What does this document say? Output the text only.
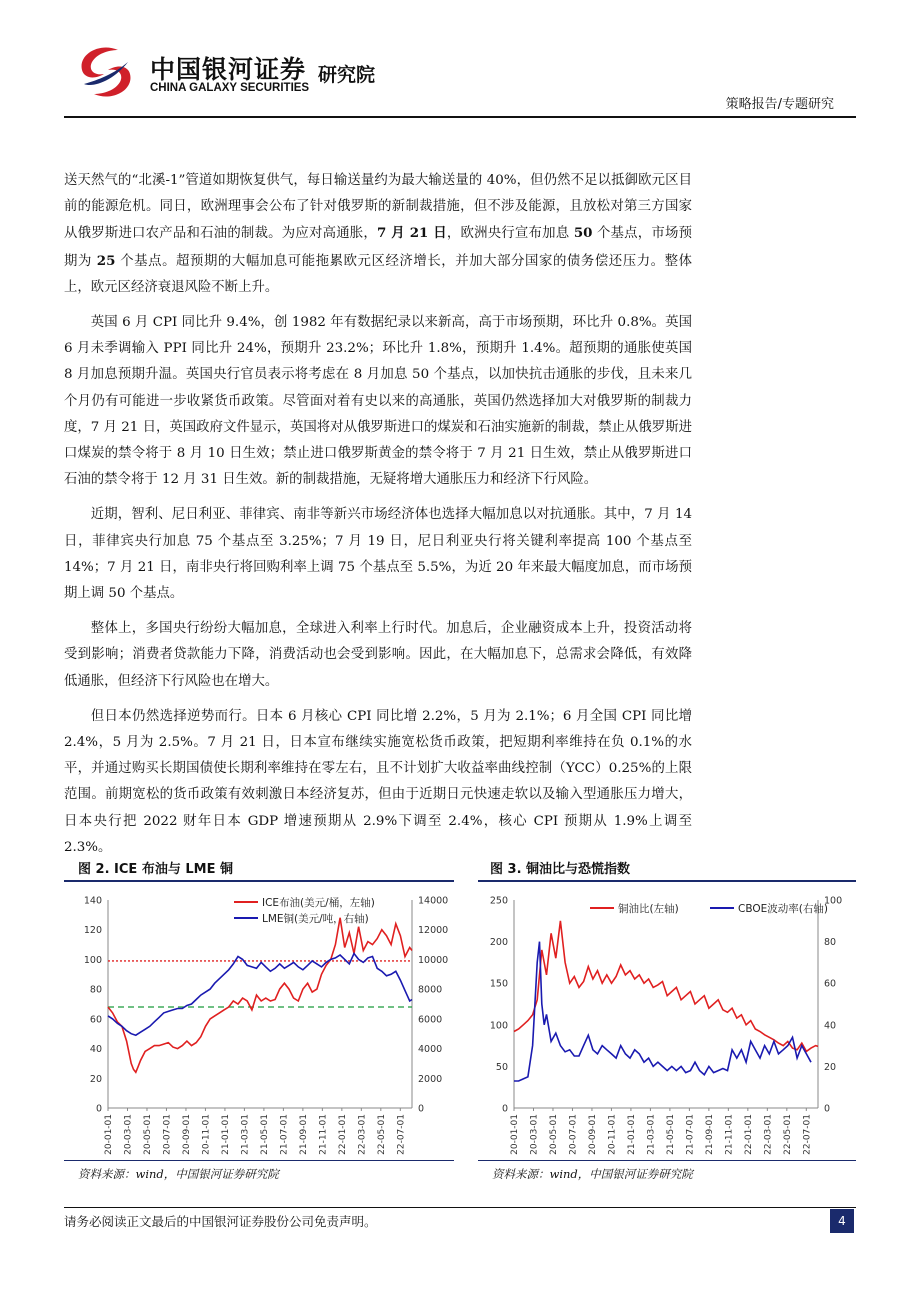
中国银河证券
CHINA GALAXY SECURITIES
研究院
策略报告/专题研究

送天然气的“北溪-1”管道如期恢复供气，每日输送量约为最大输送量的 40%，但仍然不足以抵御欧元区目前的能源危机。同日，欧洲理事会公布了针对俄罗斯的新制裁措施，但不涉及能源，且放松对第三方国家从俄罗斯进口农产品和石油的制裁。为应对高通胀，7 月 21 日，欧洲央行宣布加息 50 个基点，市场预期为 25 个基点。超预期的大幅加息可能拖累欧元区经济增长，并加大部分国家的债务偿还压力。整体上，欧元区经济衰退风险不断上升。

英国 6 月 CPI 同比升 9.4%，创 1982 年有数据纪录以来新高，高于市场预期，环比升 0.8%。英国 6 月未季调输入 PPI 同比升 24%，预期升 23.2%；环比升 1.8%，预期升 1.4%。超预期的通胀使英国 8 月加息预期升温。英国央行官员表示将考虑在 8 月加息 50 个基点，以加快抗击通胀的步伐，且未来几个月仍有可能进一步收紧货币政策。尽管面对着有史以来的高通胀，英国仍然选择加大对俄罗斯的制裁力度，7 月 21 日，英国政府文件显示，英国将对从俄罗斯进口的煤炭和石油实施新的制裁，禁止从俄罗斯进口煤炭的禁令将于 8 月 10 日生效；禁止进口俄罗斯黄金的禁令将于 7 月 21 日生效，禁止从俄罗斯进口石油的禁令将于 12 月 31 日生效。新的制裁措施，无疑将增大通胀压力和经济下行风险。

近期，智利、尼日利亚、菲律宾、南非等新兴市场经济体也选择大幅加息以对抗通胀。其中，7 月 14 日，菲律宾央行加息 75 个基点至 3.25%；7 月 19 日，尼日利亚央行将关键利率提高 100 个基点至 14%；7 月 21 日，南非央行将回购利率上调 75 个基点至 5.5%，为近 20 年来最大幅度加息，而市场预期上调 50 个基点。

整体上，多国央行纷纷大幅加息，全球进入利率上行时代。加息后，企业融资成本上升，投资活动将受到影响；消费者贷款能力下降，消费活动也会受到影响。因此，在大幅加息下，总需求会降低，有效降低通胀，但经济下行风险也在增大。

但日本仍然选择逆势而行。日本 6 月核心 CPI 同比增 2.2%，5 月为 2.1%；6 月全国 CPI 同比增 2.4%，5 月为 2.5%。7 月 21 日，日本宣布继续实施宽松货币政策，把短期利率维持在负 0.1%的水平，并通过购买长期国债使长期利率维持在零左右，且不计划扩大收益率曲线控制（YCC）0.25%的上限范围。前期宽松的货币政策有效刺激日本经济复苏，但由于近期日元快速走软以及输入型通胀压力增大，日本央行把 2022 财年日本 GDP 增速预期从 2.9%下调至 2.4%，核心 CPI 预期从 1.9%上调至 2.3%。

图 2. ICE 布油与 LME 铜
0
20
40
60
80
100
120
140
0
2000
4000
6000
8000
10000
12000
14000
20-01-01 20-03-01 20-05-01 20-07-01 20-09-01 20-11-01 21-01-01 21-03-01 21-05-01 21-07-01 21-09-01 21-11-01 22-01-01 22-03-01 22-05-01 22-07-01
ICE布油(美元/桶，左轴)
LME铜(美元/吨，右轴)
资料来源：wind，中国银河证券研究院
图 3. 铜油比与恐慌指数
0
50
100
150
200
250
0
20
40
60
80
100
20-01-01 20-03-01 20-05-01 20-07-01 20-09-01 20-11-01 21-01-01 21-03-01 21-05-01 21-07-01 21-09-01 21-11-01 22-01-01 22-03-01 22-05-01 22-07-01
铜油比(左轴)	CBOE波动率(右轴)
资料来源：wind，中国银河证券研究院
请务必阅读正文最后的中国银河证券股份公司免责声明。	4
